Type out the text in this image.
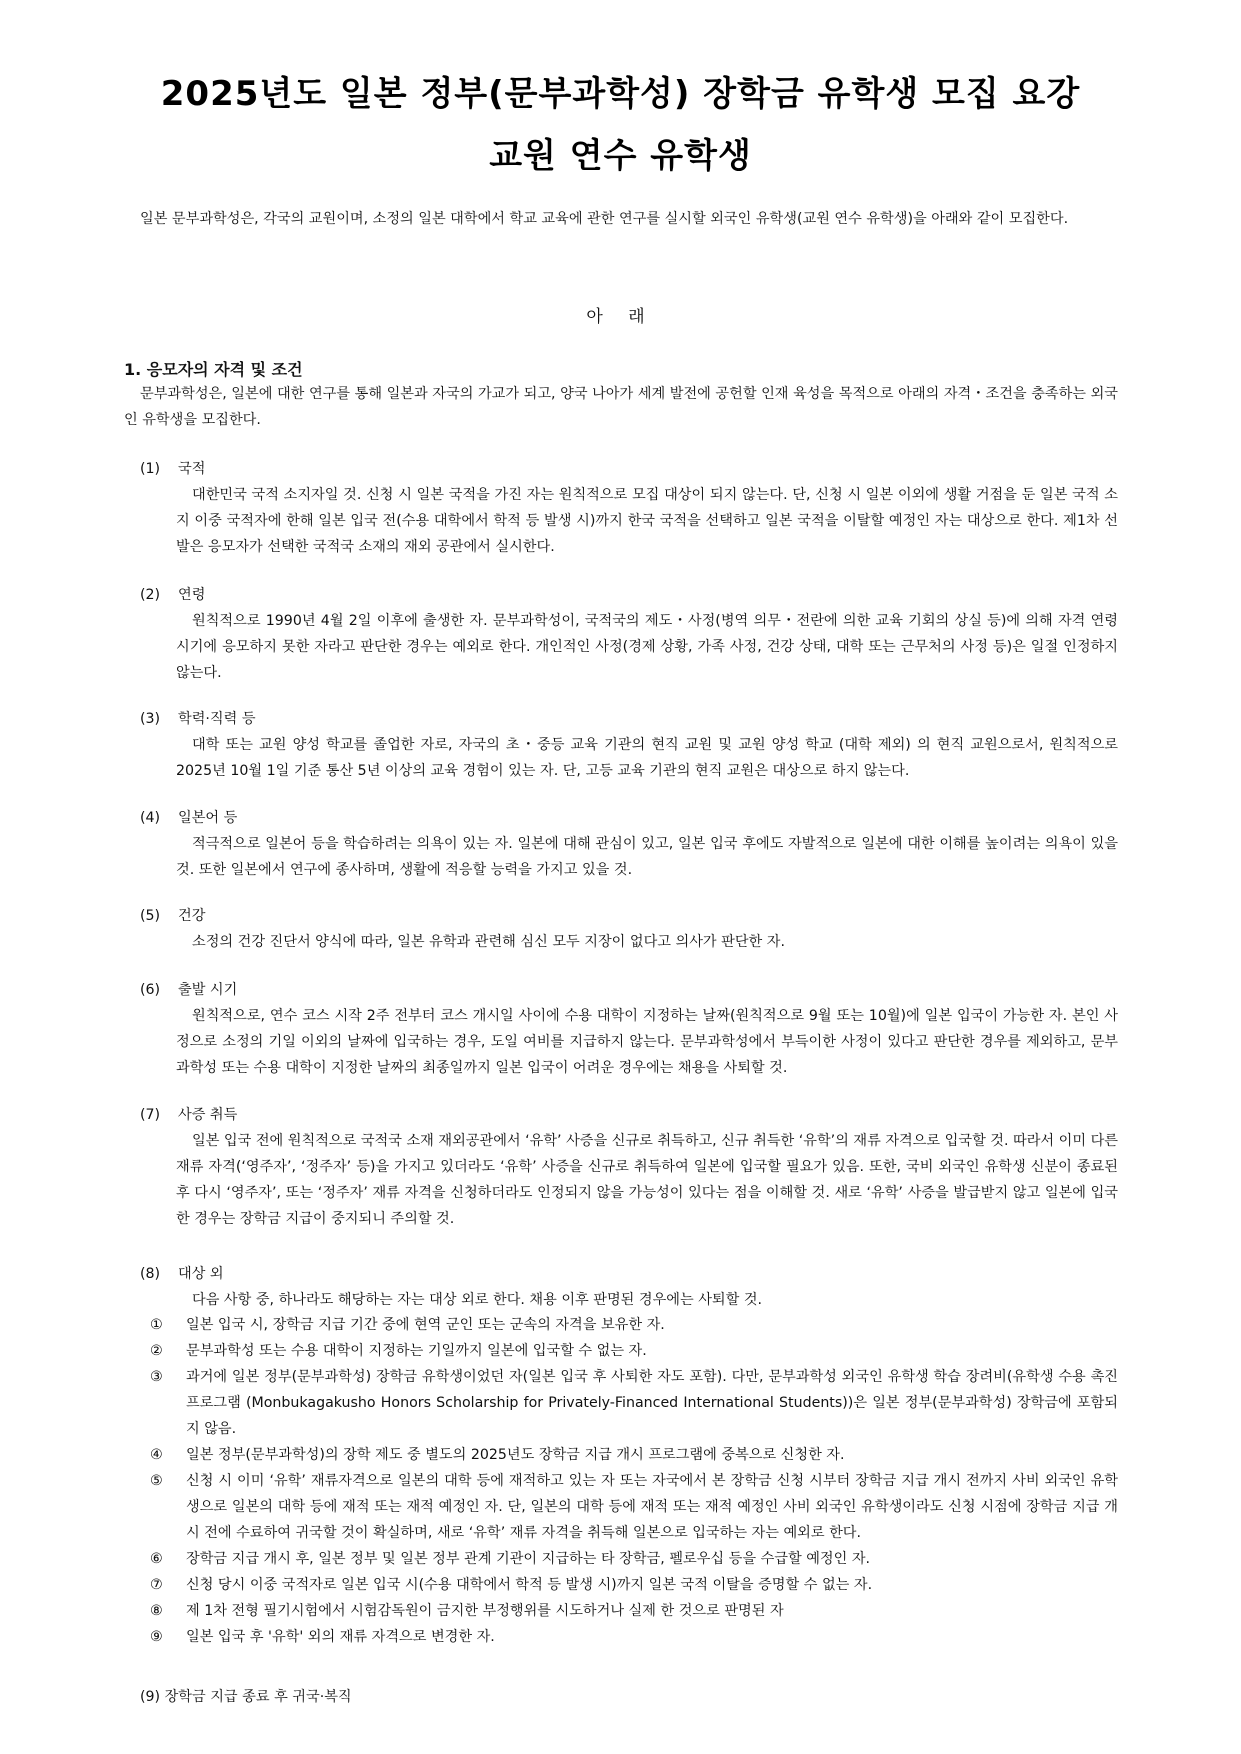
2025년도 일본 정부(문부과학성) 장학금 유학생 모집 요강
교원 연수 유학생

일본 문부과학성은, 각국의 교원이며, 소정의 일본 대학에서 학교 교육에 관한 연구를 실시할 외국인 유학생(교원 연수 유학생)을 아래와 같이 모집한다.

아 래
1. 응모자의 자격 및 조건

문부과학성은, 일본에 대한 연구를 통해 일본과 자국의 가교가 되고, 양국 나아가 세계 발전에 공헌할 인재 육성을 목적으로 아래의 자격・조건을 충족하는 외국인 유학생을 모집한다.

(1) 국적

대한민국 국적 소지자일 것. 신청 시 일본 국적을 가진 자는 원칙적으로 모집 대상이 되지 않는다. 단, 신청 시 일본 이외에 생활 거점을 둔 일본 국적 소지 이중 국적자에 한해 일본 입국 전(수용 대학에서 학적 등 발생 시)까지 한국 국적을 선택하고 일본 국적을 이탈할 예정인 자는 대상으로 한다. 제1차 선발은 응모자가 선택한 국적국 소재의 재외 공관에서 실시한다.

(2) 연령

원칙적으로 1990년 4월 2일 이후에 출생한 자. 문부과학성이, 국적국의 제도・사정(병역 의무・전란에 의한 교육 기회의 상실 등)에 의해 자격 연령 시기에 응모하지 못한 자라고 판단한 경우는 예외로 한다. 개인적인 사정(경제 상황, 가족 사정, 건강 상태, 대학 또는 근무처의 사정 등)은 일절 인정하지 않는다.

(3) 학력·직력 등

대학 또는 교원 양성 학교를 졸업한 자로, 자국의 초・중등 교육 기관의 현직 교원 및 교원 양성 학교 (대학 제외) 의 현직 교원으로서, 원칙적으로 2025년 10월 1일 기준 통산 5년 이상의 교육 경험이 있는 자. 단, 고등 교육 기관의 현직 교원은 대상으로 하지 않는다.

(4) 일본어 등

적극적으로 일본어 등을 학습하려는 의욕이 있는 자. 일본에 대해 관심이 있고, 일본 입국 후에도 자발적으로 일본에 대한 이해를 높이려는 의욕이 있을 것. 또한 일본에서 연구에 종사하며, 생활에 적응할 능력을 가지고 있을 것.

(5) 건강

소정의 건강 진단서 양식에 따라, 일본 유학과 관련해 심신 모두 지장이 없다고 의사가 판단한 자.

(6) 출발 시기

원칙적으로, 연수 코스 시작 2주 전부터 코스 개시일 사이에 수용 대학이 지정하는 날짜(원칙적으로 9월 또는 10월)에 일본 입국이 가능한 자. 본인 사정으로 소정의 기일 이외의 날짜에 입국하는 경우, 도일 여비를 지급하지 않는다. 문부과학성에서 부득이한 사정이 있다고 판단한 경우를 제외하고, 문부과학성 또는 수용 대학이 지정한 날짜의 최종일까지 일본 입국이 어려운 경우에는 채용을 사퇴할 것.

(7) 사증 취득

일본 입국 전에 원칙적으로 국적국 소재 재외공관에서 ‘유학’ 사증을 신규로 취득하고, 신규 취득한 ‘유학’의 재류 자격으로 입국할 것. 따라서 이미 다른 재류 자격(‘영주자’, ‘정주자’ 등)을 가지고 있더라도 ‘유학’ 사증을 신규로 취득하여 일본에 입국할 필요가 있음. 또한, 국비 외국인 유학생 신분이 종료된 후 다시 ‘영주자’, 또는 ‘정주자’ 재류 자격을 신청하더라도 인정되지 않을 가능성이 있다는 점을 이해할 것. 새로 ‘유학’ 사증을 발급받지 않고 일본에 입국한 경우는 장학금 지급이 중지되니 주의할 것.

(8) 대상 외

다음 사항 중, 하나라도 해당하는 자는 대상 외로 한다. 채용 이후 판명된 경우에는 사퇴할 것.

①	일본 입국 시, 장학금 지급 기간 중에 현역 군인 또는 군속의 자격을 보유한 자.
②	문부과학성 또는 수용 대학이 지정하는 기일까지 일본에 입국할 수 없는 자.
③	과거에 일본 정부(문부과학성) 장학금 유학생이었던 자(일본 입국 후 사퇴한 자도 포함). 다만, 문부과학성 외국인 유학생 학습 장려비(유학생 수용 촉진 프로그램 (Monbukagakusho Honors Scholarship for Privately-Financed International Students))은 일본 정부(문부과학성) 장학금에 포함되지 않음.
④	일본 정부(문부과학성)의 장학 제도 중 별도의 2025년도 장학금 지급 개시 프로그램에 중복으로 신청한 자.
⑤	신청 시 이미 ‘유학’ 재류자격으로 일본의 대학 등에 재적하고 있는 자 또는 자국에서 본 장학금 신청 시부터 장학금 지급 개시 전까지 사비 외국인 유학생으로 일본의 대학 등에 재적 또는 재적 예정인 자. 단, 일본의 대학 등에 재적 또는 재적 예정인 사비 외국인 유학생이라도 신청 시점에 장학금 지급 개시 전에 수료하여 귀국할 것이 확실하며, 새로 ‘유학’ 재류 자격을 취득해 일본으로 입국하는 자는 예외로 한다.
⑥	장학금 지급 개시 후, 일본 정부 및 일본 정부 관계 기관이 지급하는 타 장학금, 펠로우십 등을 수급할 예정인 자.
⑦	신청 당시 이중 국적자로 일본 입국 시(수용 대학에서 학적 등 발생 시)까지 일본 국적 이탈을 증명할 수 없는 자.
⑧	제 1차 전형 필기시험에서 시험감독원이 금지한 부정행위를 시도하거나 실제 한 것으로 판명된 자
⑨	일본 입국 후 '유학' 외의 재류 자격으로 변경한 자.
(9) 장학금 지급 종료 후 귀국·복직
